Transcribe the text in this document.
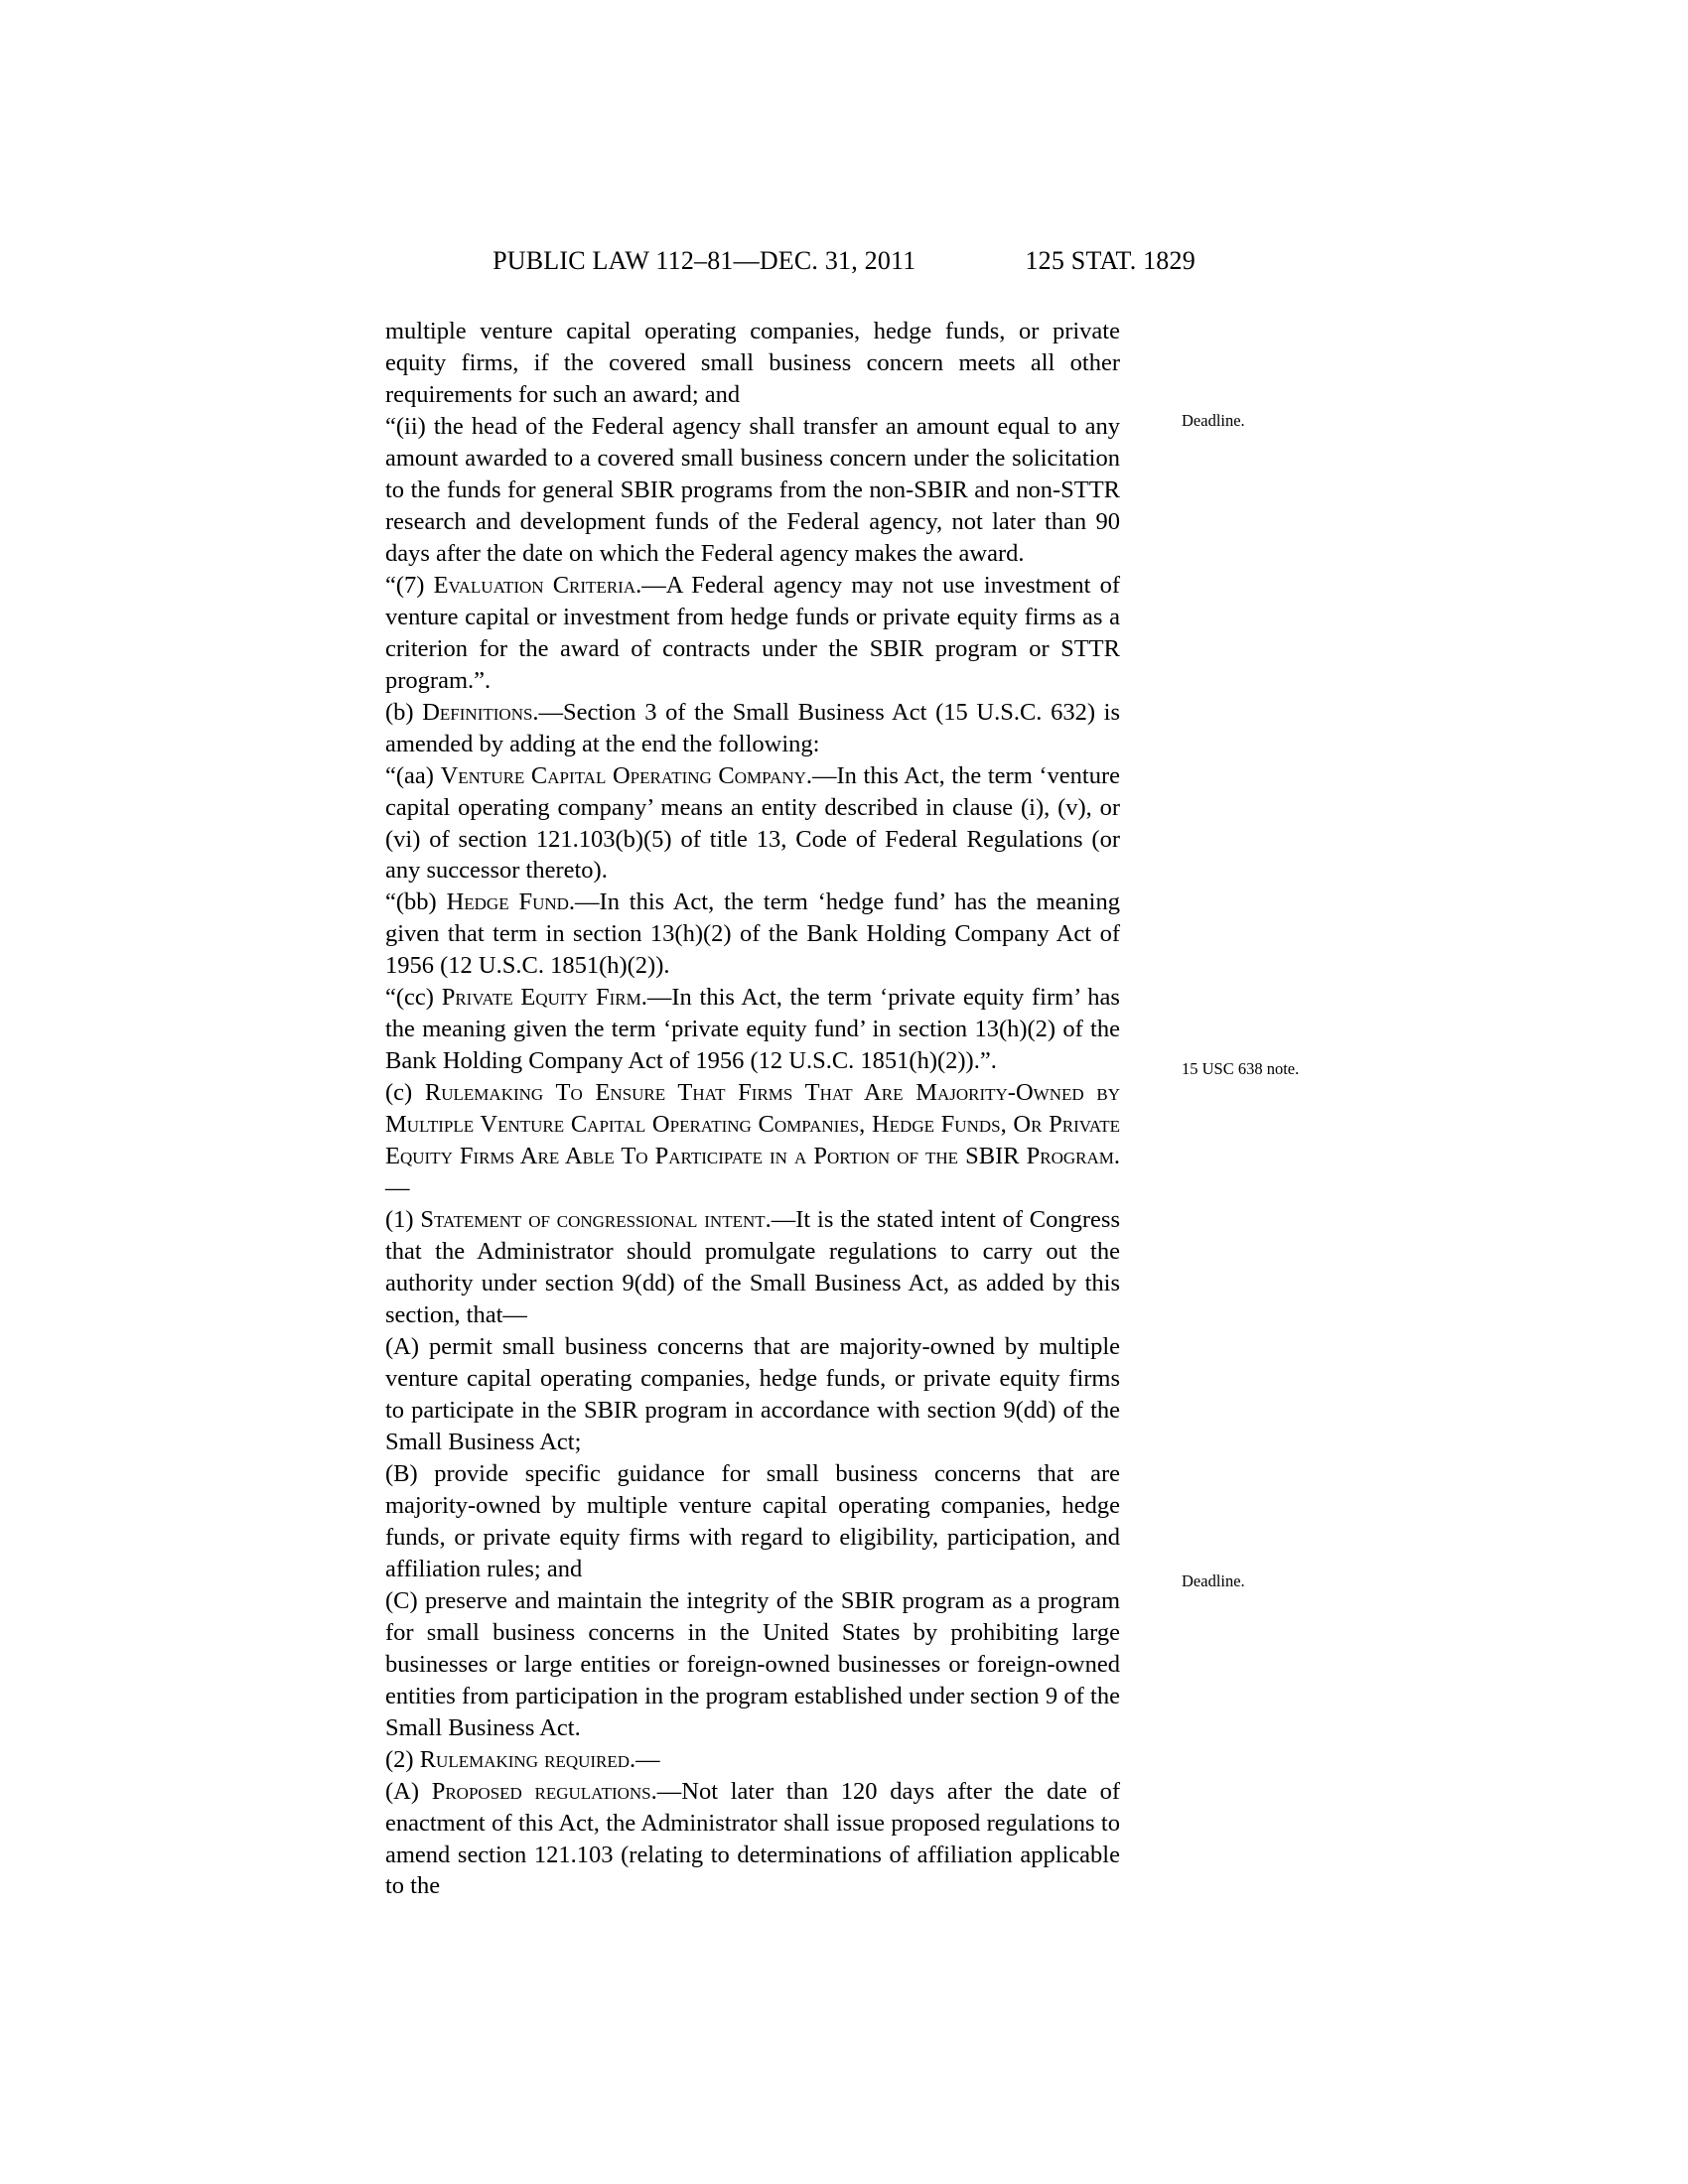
PUBLIC LAW 112–81—DEC. 31, 2011	125 STAT. 1829

multiple venture capital operating companies, hedge funds, or private equity firms, if the covered small business concern meets all other requirements for such an award; and

“(ii) the head of the Federal agency shall transfer an amount equal to any amount awarded to a covered small business concern under the solicitation to the funds for general SBIR programs from the non-SBIR and non-STTR research and development funds of the Federal agency, not later than 90 days after the date on which the Federal agency makes the award.

“(7) Evaluation Criteria.—A Federal agency may not use investment of venture capital or investment from hedge funds or private equity firms as a criterion for the award of contracts under the SBIR program or STTR program.”.

(b) Definitions.—Section 3 of the Small Business Act (15 U.S.C. 632) is amended by adding at the end the following:

“(aa) Venture Capital Operating Company.—In this Act, the term ‘venture capital operating company’ means an entity described in clause (i), (v), or (vi) of section 121.103(b)(5) of title 13, Code of Federal Regulations (or any successor thereto).

“(bb) Hedge Fund.—In this Act, the term ‘hedge fund’ has the meaning given that term in section 13(h)(2) of the Bank Holding Company Act of 1956 (12 U.S.C. 1851(h)(2)).

“(cc) Private Equity Firm.—In this Act, the term ‘private equity firm’ has the meaning given the term ‘private equity fund’ in section 13(h)(2) of the Bank Holding Company Act of 1956 (12 U.S.C. 1851(h)(2)).”.

(c) Rulemaking To Ensure That Firms That Are Majority-Owned by Multiple Venture Capital Operating Companies, Hedge Funds, Or Private Equity Firms Are Able To Participate in a Portion of the SBIR Program.—

(1) Statement of congressional intent.—It is the stated intent of Congress that the Administrator should promulgate regulations to carry out the authority under section 9(dd) of the Small Business Act, as added by this section, that—

(A) permit small business concerns that are majority-owned by multiple venture capital operating companies, hedge funds, or private equity firms to participate in the SBIR program in accordance with section 9(dd) of the Small Business Act;

(B) provide specific guidance for small business concerns that are majority-owned by multiple venture capital operating companies, hedge funds, or private equity firms with regard to eligibility, participation, and affiliation rules; and

(C) preserve and maintain the integrity of the SBIR program as a program for small business concerns in the United States by prohibiting large businesses or large entities or foreign-owned businesses or foreign-owned entities from participation in the program established under section 9 of the Small Business Act.

(2) Rulemaking required.—

(A) Proposed regulations.—Not later than 120 days after the date of enactment of this Act, the Administrator shall issue proposed regulations to amend section 121.103 (relating to determinations of affiliation applicable to the

Deadline.
15 USC 638 note.
Deadline.
